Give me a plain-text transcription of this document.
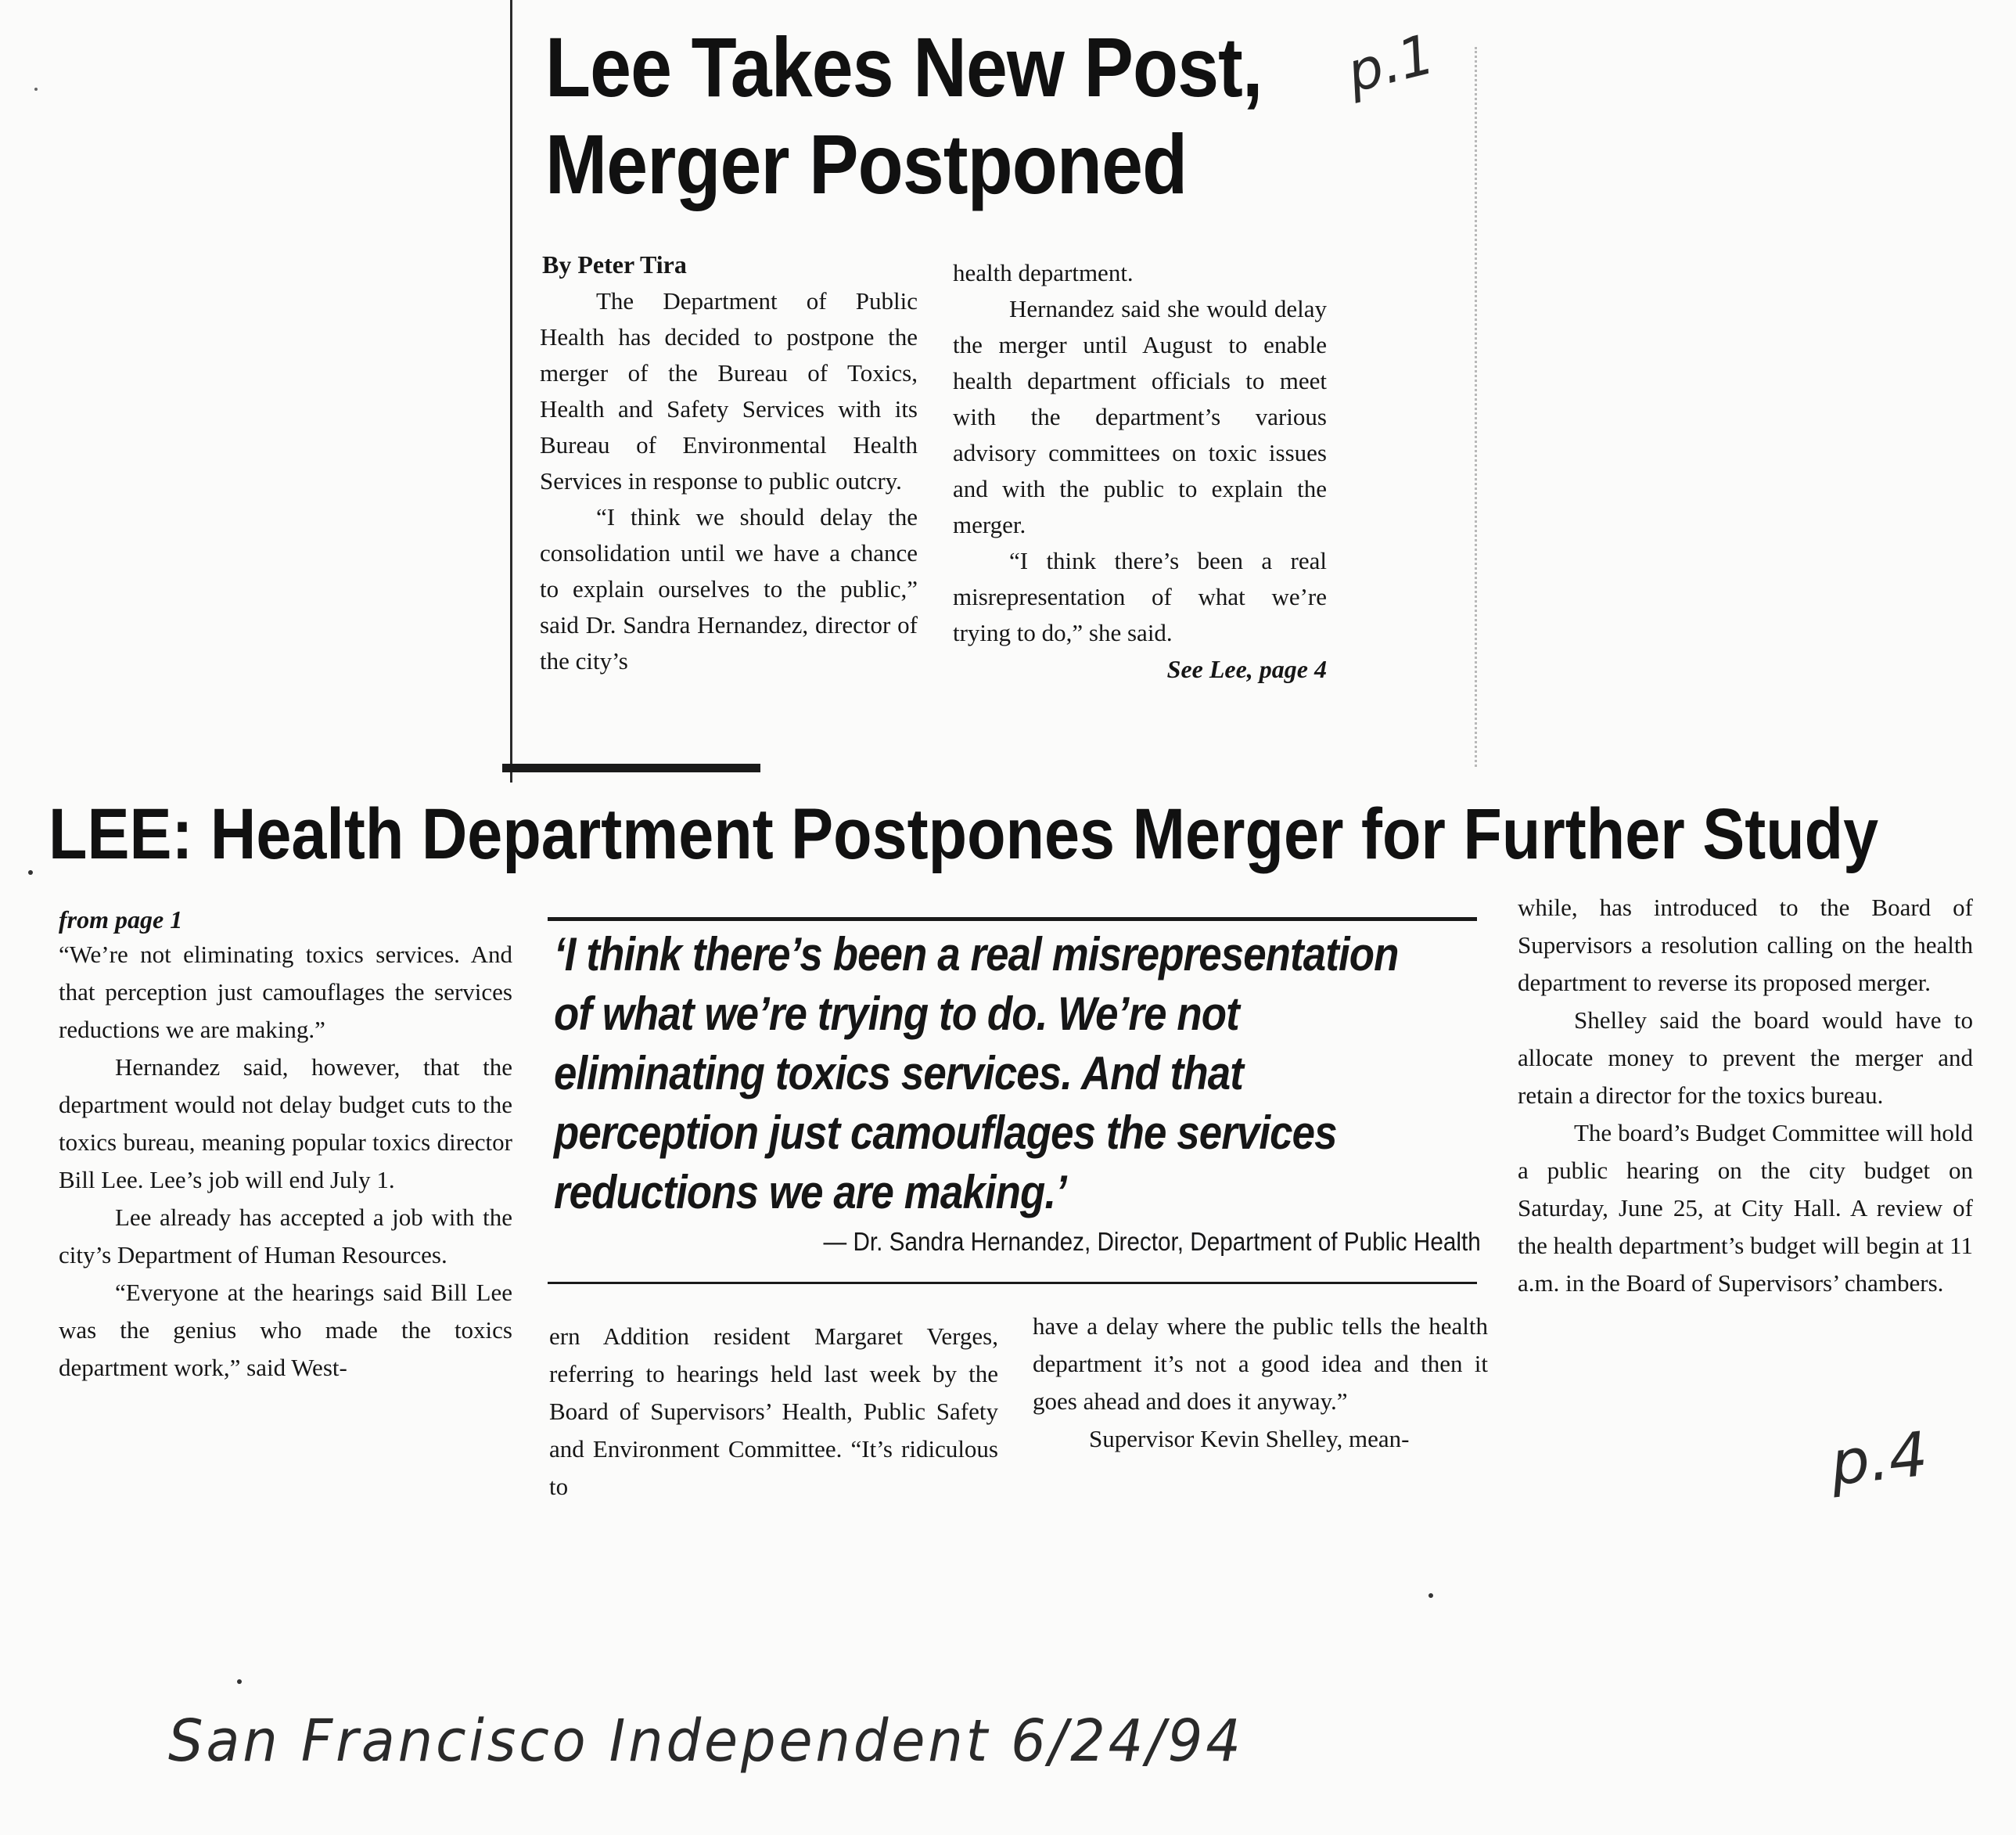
Lee Takes New Post,
Merger Postponed
p.1
By Peter Tira

The Department of Public Health has decided to postpone the merger of the Bureau of Toxics, Health and Safety Services with its Bureau of Environmental Health Services in response to public outcry.

“I think we should delay the consolidation until we have a chance to explain ourselves to the public,” said Dr. Sandra Hernandez, director of the city’s

health department.

Hernandez said she would delay the merger until August to enable health department officials to meet with the department’s various advisory committees on toxic issues and with the public to explain the merger.

“I think there’s been a real misrepresentation of what we’re trying to do,” she said.

See Lee, page 4
LEE: Health Department Postpones Merger for Further Study
from page 1

“We’re not eliminating toxics services. And that perception just camouflages the services reductions we are making.”

Hernandez said, however, that the department would not delay budget cuts to the toxics bureau, meaning popular toxics director Bill Lee. Lee’s job will end July 1.

Lee already has accepted a job with the city’s Department of Human Resources.

“Everyone at the hearings said Bill Lee was the genius who made the toxics department work,” said West-

‘I think there’s been a real misrepresentation of what we’re trying to do. We’re not eliminating toxics services. And that perception just camouflages the services reductions we are making.’
— Dr. Sandra Hernandez, Director, Department of Public Health

ern Addition resident Margaret Verges, referring to hearings held last week by the Board of Supervisors’ Health, Public Safety and Environment Committee. “It’s ridiculous to

have a delay where the public tells the health department it’s not a good idea and then it goes ahead and does it anyway.”

Supervisor Kevin Shelley, mean-

while, has introduced to the Board of Supervisors a resolution calling on the health department to reverse its proposed merger.

Shelley said the board would have to allocate money to prevent the merger and retain a director for the toxics bureau.

The board’s Budget Committee will hold a public hearing on the city budget on Saturday, June 25, at City Hall. A review of the health department’s budget will begin at 11 a.m. in the Board of Supervisors’ chambers.

p.4
San Francisco Independent 6/24/94
